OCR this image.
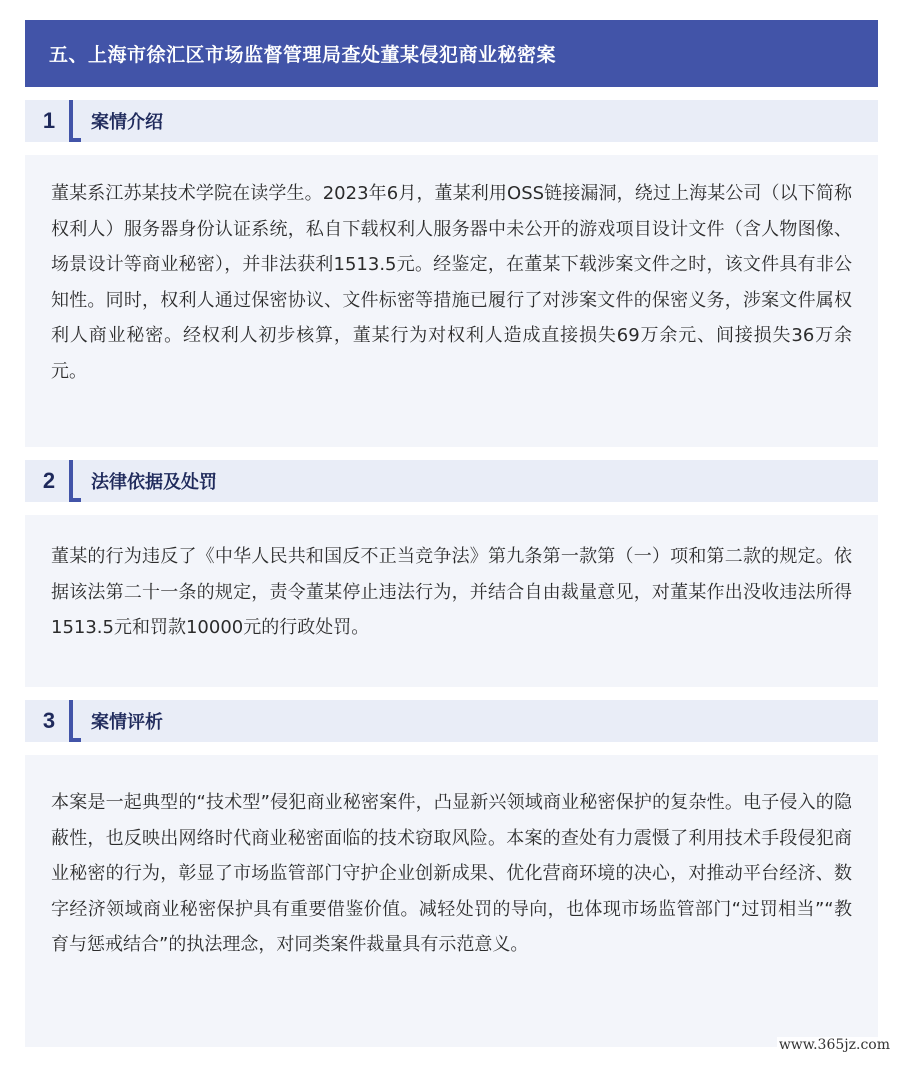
五、上海市徐汇区市场监督管理局查处董某侵犯商业秘密案
1 案情介绍

董某系江苏某技术学院在读学生。2023年6月，董某利用OSS链接漏洞，绕过上海某公司（以下简称权利人）服务器身份认证系统，私自下载权利人服务器中未公开的游戏项目设计文件（含人物图像、场景设计等商业秘密），并非法获利1513.5元。经鉴定，在董某下载涉案文件之时，该文件具有非公知性。同时，权利人通过保密协议、文件标密等措施已履行了对涉案文件的保密义务，涉案文件属权利人商业秘密。经权利人初步核算，董某行为对权利人造成直接损失69万余元、间接损失36万余元。

2 法律依据及处罚

董某的行为违反了《中华人民共和国反不正当竞争法》第九条第一款第（一）项和第二款的规定。依据该法第二十一条的规定，责令董某停止违法行为，并结合自由裁量意见，对董某作出没收违法所得1513.5元和罚款10000元的行政处罚。

3 案情评析

本案是一起典型的“技术型”侵犯商业秘密案件，凸显新兴领域商业秘密保护的复杂性。电子侵入的隐蔽性，也反映出网络时代商业秘密面临的技术窃取风险。本案的查处有力震慑了利用技术手段侵犯商业秘密的行为，彰显了市场监管部门守护企业创新成果、优化营商环境的决心，对推动平台经济、数字经济领域商业秘密保护具有重要借鉴价值。减轻处罚的导向，也体现市场监管部门“过罚相当”“教育与惩戒结合”的执法理念，对同类案件裁量具有示范意义。

www.365jz.com
